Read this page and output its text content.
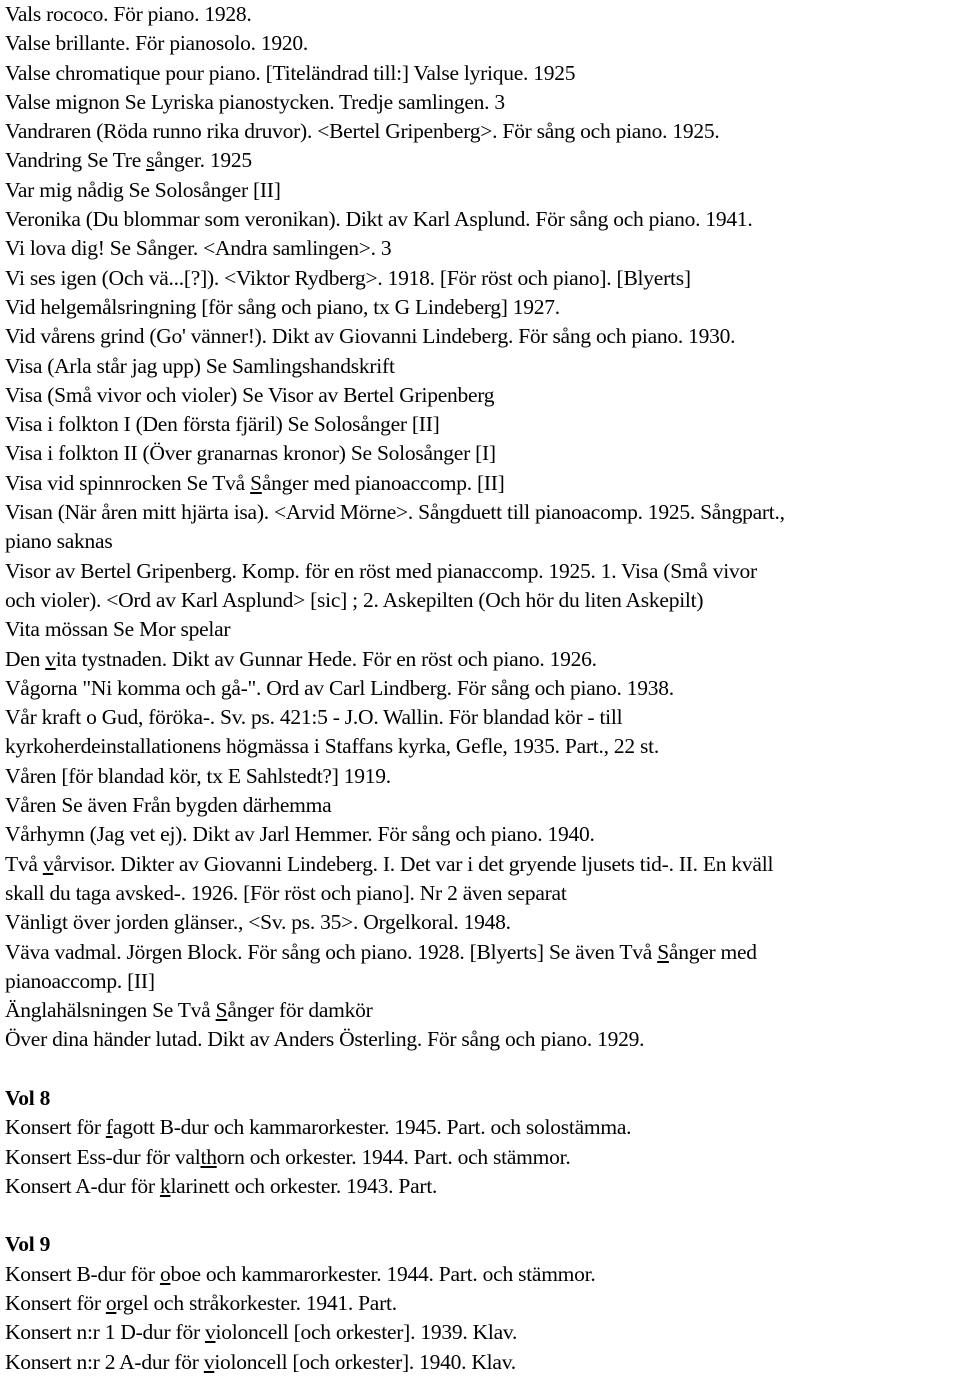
Vals rococo. För piano. 1928.
Valse brillante. För pianosolo. 1920.
Valse chromatique pour piano. [Titeländrad till:] Valse lyrique. 1925
Valse mignon Se Lyriska pianostycken. Tredje samlingen. 3
Vandraren (Röda runno rika druvor). <Bertel Gripenberg>. För sång och piano. 1925.
Vandring Se Tre sånger. 1925
Var mig nådig Se Solosånger [II]
Veronika (Du blommar som veronikan). Dikt av Karl Asplund. För sång och piano. 1941.
Vi lova dig! Se Sånger. <Andra samlingen>. 3
Vi ses igen (Och vä...[?]). <Viktor Rydberg>. 1918. [För röst och piano]. [Blyerts]
Vid helgemålsringning [för sång och piano, tx G Lindeberg] 1927.
Vid vårens grind (Go' vänner!). Dikt av Giovanni Lindeberg. För sång och piano. 1930.
Visa (Arla står jag upp) Se Samlingshandskrift
Visa (Små vivor och violer) Se Visor av Bertel Gripenberg
Visa i folkton I (Den första fjäril) Se Solosånger [II]
Visa i folkton II (Över granarnas kronor) Se Solosånger [I]
Visa vid spinnrocken Se Två Sånger med pianoaccomp. [II]
Visan (När åren mitt hjärta isa). <Arvid Mörne>. Sångduett till pianoacomp. 1925. Sångpart.,
piano saknas
Visor av Bertel Gripenberg. Komp. för en röst med pianaccomp. 1925. 1. Visa (Små vivor
och violer). <Ord av Karl Asplund> [sic] ; 2. Askepilten (Och hör du liten Askepilt)
Vita mössan Se Mor spelar
Den vita tystnaden. Dikt av Gunnar Hede. För en röst och piano. 1926.
Vågorna "Ni komma och gå-". Ord av Carl Lindberg. För sång och piano. 1938.
Vår kraft o Gud, föröka-. Sv. ps. 421:5 - J.O. Wallin. För blandad kör - till
kyrkoherdeinstallationens högmässa i Staffans kyrka, Gefle, 1935. Part., 22 st.
Våren [för blandad kör, tx E Sahlstedt?] 1919.
Våren Se även Från bygden därhemma
Vårhymn (Jag vet ej). Dikt av Jarl Hemmer. För sång och piano. 1940.
Två vårvisor. Dikter av Giovanni Lindeberg. I. Det var i det gryende ljusets tid-. II. En kväll
skall du taga avsked-. 1926. [För röst och piano]. Nr 2 även separat
Vänligt över jorden glänser., <Sv. ps. 35>. Orgelkoral. 1948.
Väva vadmal. Jörgen Block. För sång och piano. 1928. [Blyerts] Se även Två Sånger med
pianoaccomp. [II]
Änglahälsningen Se Två Sånger för damkör
Över dina händer lutad. Dikt av Anders Österling. För sång och piano. 1929.
Vol 8
Konsert för fagott B-dur och kammarorkester. 1945. Part. och solostämma.
Konsert Ess-dur för valthorn och orkester. 1944. Part. och stämmor.
Konsert A-dur för klarinett och orkester. 1943. Part.
Vol 9
Konsert B-dur för oboe och kammarorkester. 1944. Part. och stämmor.
Konsert för orgel och stråkorkester. 1941. Part.
Konsert n:r 1 D-dur för violoncell [och orkester]. 1939. Klav.
Konsert n:r 2 A-dur för violoncell [och orkester]. 1940. Klav.
